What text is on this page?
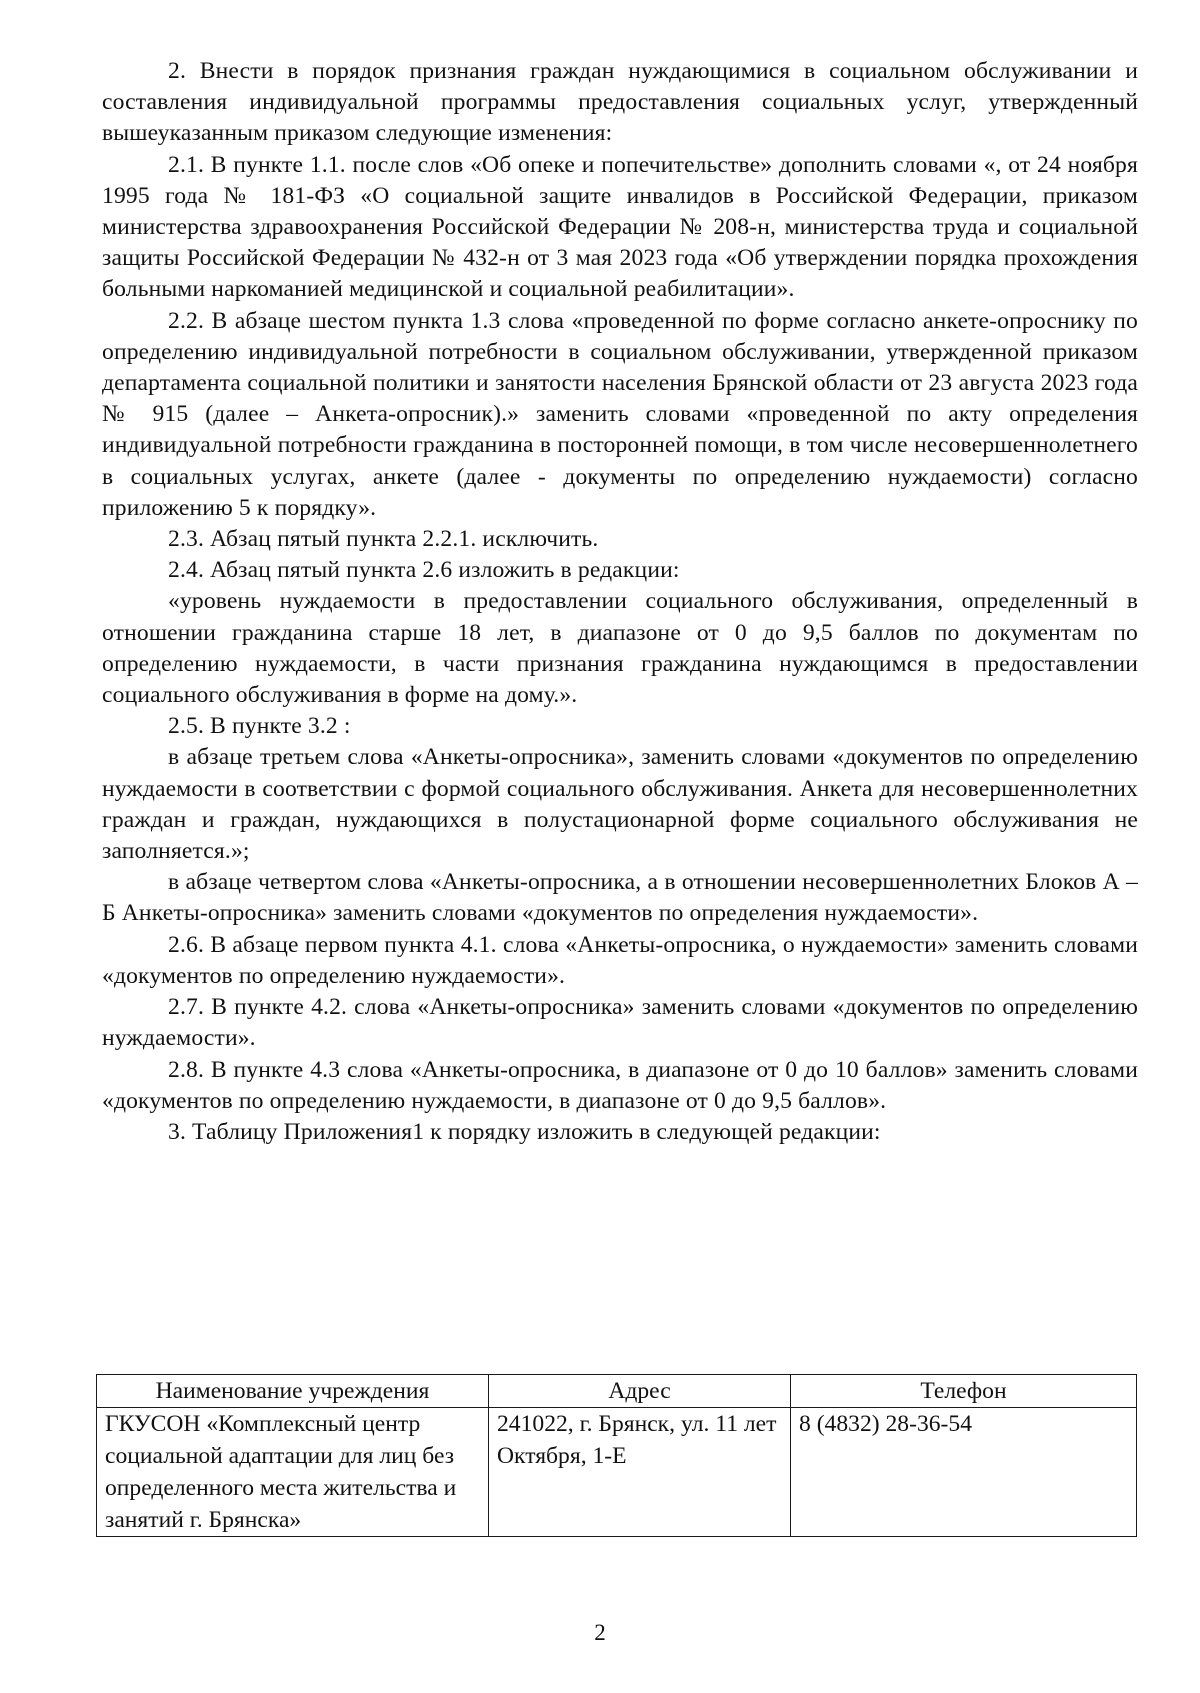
2. Внести в порядок признания граждан нуждающимися в социальном обслуживании и составления индивидуальной программы предоставления социальных услуг, утвержденный вышеуказанным приказом следующие изменения:

2.1. В пункте 1.1. после слов «Об опеке и попечительстве» дополнить словами «, от 24 ноября 1995 года № 181-ФЗ «О социальной защите инвалидов в Российской Федерации, приказом министерства здравоохранения Российской Федерации № 208-н, министерства труда и социальной защиты Российской Федерации № 432-н от 3 мая 2023 года «Об утверждении порядка прохождения больными наркоманией медицинской и социальной реабилитации».

2.2. В абзаце шестом пункта 1.3 слова «проведенной по форме согласно анкете-опроснику по определению индивидуальной потребности в социальном обслуживании, утвержденной приказом департамента социальной политики и занятости населения Брянской области от 23 августа 2023 года № 915 (далее – Анкета-опросник).» заменить словами «проведенной по акту определения индивидуальной потребности гражданина в посторонней помощи, в том числе несовершеннолетнего в социальных услугах, анкете (далее - документы по определению нуждаемости) согласно приложению 5 к порядку».

2.3. Абзац пятый пункта 2.2.1. исключить.

2.4. Абзац пятый пункта 2.6 изложить в редакции:

«уровень нуждаемости в предоставлении социального обслуживания, определенный в отношении гражданина старше 18 лет, в диапазоне от 0 до 9,5 баллов по документам по определению нуждаемости, в части признания гражданина нуждающимся в предоставлении социального обслуживания в форме на дому.».

2.5. В пункте 3.2 :

в абзаце третьем слова «Анкеты-опросника», заменить словами «документов по определению нуждаемости в соответствии с формой социального обслуживания. Анкета для несовершеннолетних граждан и граждан, нуждающихся в полустационарной форме социального обслуживания не заполняется.»;

в абзаце четвертом слова «Анкеты-опросника, а в отношении несовершеннолетних Блоков А – Б Анкеты-опросника» заменить словами «документов по определения нуждаемости».

2.6. В абзаце первом пункта 4.1. слова «Анкеты-опросника, о нуждаемости» заменить словами «документов по определению нуждаемости».

2.7. В пункте 4.2. слова «Анкеты-опросника» заменить словами «документов по определению нуждаемости».

2.8. В пункте 4.3 слова «Анкеты-опросника, в диапазоне от 0 до 10 баллов» заменить словами «документов по определению нуждаемости, в диапазоне от 0 до 9,5 баллов».

3. Таблицу Приложения1 к порядку изложить в следующей редакции:

Наименование учреждения	Адрес	Телефон
ГКУСОН «Комплексный центр социальной адаптации для лиц без определенного места жительства и занятий г. Брянска»	241022, г. Брянск, ул. 11 лет Октября, 1-Е	8 (4832) 28-36-54
2
